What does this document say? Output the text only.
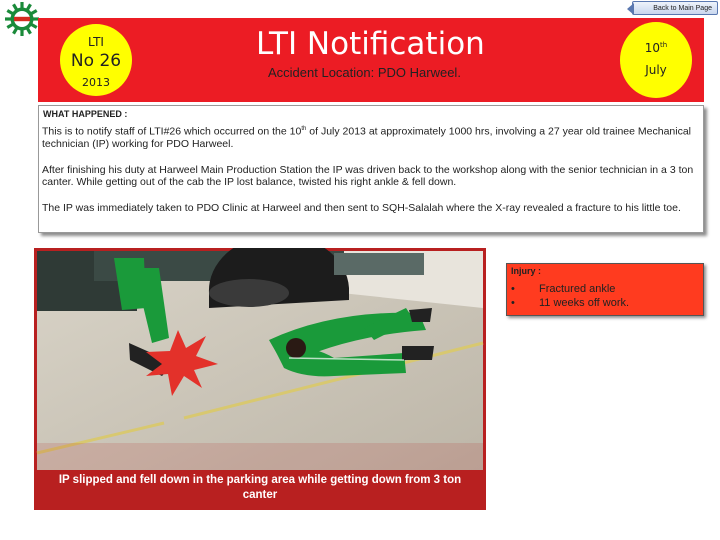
Back to Main Page
LTI
No 26
2013
LTI Notification
Accident Location: PDO Harweel.
10th
July
WHAT HAPPENED :

This is to notify staff of LTI#26 which occurred on the 10th of July 2013 at approximately 1000 hrs, involving a 27 year old trainee Mechanical technician (IP) working for PDO Harweel.

After finishing his duty at Harweel Main Production Station the IP was driven back to the workshop along with the senior technician in a 3 ton canter. While getting out of the cab the IP lost balance, twisted his right ankle & fell down.

The IP was immediately taken to PDO Clinic at Harweel and then sent to SQH-Salalah where the X-ray revealed a fracture to his little toe.

IP slipped and fell down in the parking area while getting down from 3 ton canter
Injury :
• Fractured ankle
• 11 weeks off work.
